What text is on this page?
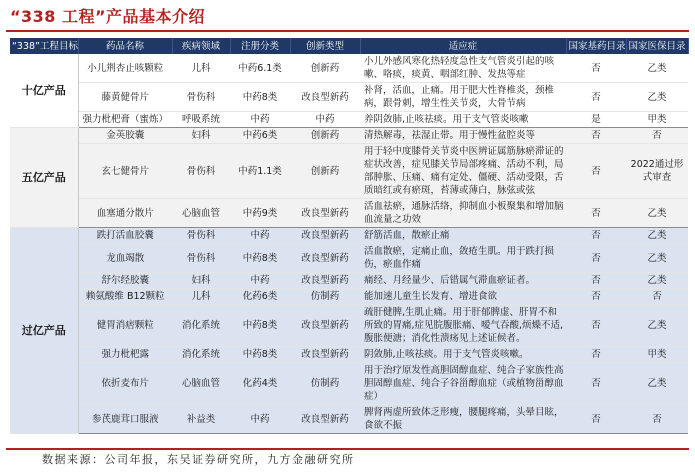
“338 工程”产品基本介绍
“338”工程目标	药品名称	疾病领域	注册分类	创新类型	适应症	国家基药目录	国家医保目录
十亿产品	小儿荆杏止咳颗粒	儿科	中药6.1类	创新药	小儿外感风寒化热轻度急性支气管炎引起的咳嗽、咯痰，痰黄、咽部红肿、发热等症	否	乙类
	藤黄健骨片	骨伤科	中药8类	改良型新药	补肾，活血，止痛。用于肥大性脊椎炎，颈椎病，跟骨刺，增生性关节炎，大骨节病	否	乙类
	强力枇杷膏（蜜炼）	呼吸系统	中药	中药	养阴敛肺,止咳祛痰。用于支气管炎咳嗽	是	甲类
五亿产品	金英胶囊	妇科	中药6类	创新药	清热解毒，祛湿止带。用于慢性盆腔炎等	否	否
	玄七健骨片	骨伤科	中药1.1类	创新药	用于轻中度膝骨关节炎中医辨证属筋脉瘀滞证的症状改善，症见膝关节局部疼痛、活动不利，局部肿胀、压痛、痛有定处、僵硬、活动受限，舌质暗红或有瘀斑，苔薄或薄白，脉弦或弦	否	2022通过形式审查
	血塞通分散片	心脑血管	中药9类	改良型新药	活血祛瘀，通脉活络，抑制血小板聚集和增加脑血流量之功效	否	乙类
过亿产品	跌打活血胶囊	骨伤科	中药	改良型新药	舒筋活血，散瘀止痛	否	乙类
	龙血竭散	骨伤科	中药8类	改良型新药	活血散瘀，定痛止血，敛疮生肌。用于跌打损伤，瘀血作痛	否	乙类
	舒尔经胶囊	妇科	中药	改良型新药	痛经、月经量少、后错属气滞血瘀证者。	否	乙类
	赖氨酸维 B12颗粒	儿科	化药6类	仿制药	能加速儿童生长发育、增进食欲	否	否
	健胃消痞颗粒	消化系统	中药8类	改良型新药	疏肝健脾,生肌止痛。用于肝郁脾虚、肝胃不和所致的胃痛,症见脘腹胀痛、嗳气吞酸,烦燥不适,腹胀便溏；消化性溃疡见上述证候者。	否	乙类
	强力枇杷露	消化系统	中药8类	改良型新药	阴敛肺,止咳祛痰。用于支气管炎咳嗽。	否	甲类
	依折麦布片	心脑血管	化药4类	仿制药	用于治疗原发性高胆固醇血症、纯合子家族性高胆固醇血症、纯合子谷甾醇血症（或植物甾醇血症）	否	乙类
	参芪鹿茸口服液	补益类	中药	改良型新药	脾肾两虚所致体乏形瘦，腰腿疼痛，头晕目眩，食欲不振	否	否
数据来源：公司年报，东吴证券研究所，九方金融研究所
